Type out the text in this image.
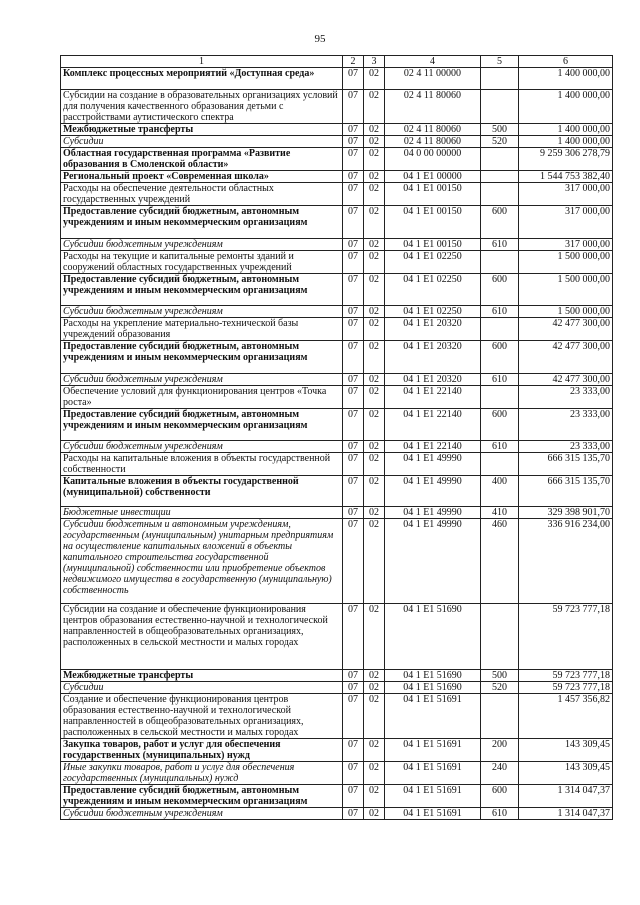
95
1	2	3	4	5	6
Комплекс процессных мероприятий «Доступная среда»	07	02	02 4 11 00000		1 400 000,00
Субсидии на создание в образовательных организациях условий для получения качественного образования детьми с расстройствами аутистического спектра	07	02	02 4 11 80060		1 400 000,00
Межбюджетные трансферты	07	02	02 4 11 80060	500	1 400 000,00
Субсидии	07	02	02 4 11 80060	520	1 400 000,00
Областная государственная программа «Развитие образования в Смоленской области»	07	02	04 0 00 00000		9 259 306 278,79
Региональный проект «Современная школа»	07	02	04 1 E1 00000		1 544 753 382,40
Расходы на обеспечение деятельности областных государственных учреждений	07	02	04 1 E1 00150		317 000,00
Предоставление субсидий бюджетным, автономным учреждениям и иным некоммерческим организациям	07	02	04 1 E1 00150	600	317 000,00
Субсидии бюджетным учреждениям	07	02	04 1 E1 00150	610	317 000,00
Расходы на текущие и капитальные ремонты зданий и сооружений областных государственных учреждений	07	02	04 1 E1 02250		1 500 000,00
Предоставление субсидий бюджетным, автономным учреждениям и иным некоммерческим организациям	07	02	04 1 E1 02250	600	1 500 000,00
Субсидии бюджетным учреждениям	07	02	04 1 E1 02250	610	1 500 000,00
Расходы на укрепление материально-технической базы учреждений образования	07	02	04 1 E1 20320		42 477 300,00
Предоставление субсидий бюджетным, автономным учреждениям и иным некоммерческим организациям	07	02	04 1 E1 20320	600	42 477 300,00
Субсидии бюджетным учреждениям	07	02	04 1 E1 20320	610	42 477 300,00
Обеспечение условий для функционирования центров «Точка роста»	07	02	04 1 E1 22140		23 333,00
Предоставление субсидий бюджетным, автономным учреждениям и иным некоммерческим организациям	07	02	04 1 E1 22140	600	23 333,00
Субсидии бюджетным учреждениям	07	02	04 1 E1 22140	610	23 333,00
Расходы на капитальные вложения в объекты государственной собственности	07	02	04 1 E1 49990		666 315 135,70
Капитальные вложения в объекты государственной (муниципальной) собственности	07	02	04 1 E1 49990	400	666 315 135,70
Бюджетные инвестиции	07	02	04 1 E1 49990	410	329 398 901,70
Субсидии бюджетным и автономным учреждениям, государственным (муниципальным) унитарным предприятиям на осуществление капитальных вложений в объекты капитального строительства государственной (муниципальной) собственности или приобретение объектов недвижимого имущества в государственную (муниципальную) собственность	07	02	04 1 E1 49990	460	336 916 234,00
Субсидии на создание и обеспечение функционирования центров образования естественно-научной и технологической направленностей в общеобразовательных организациях, расположенных в сельской местности и малых городах	07	02	04 1 E1 51690		59 723 777,18
Межбюджетные трансферты	07	02	04 1 E1 51690	500	59 723 777,18
Субсидии	07	02	04 1 E1 51690	520	59 723 777,18
Создание и обеспечение функционирования центров образования естественно-научной и технологической направленностей в общеобразовательных организациях, расположенных в сельской местности и малых городах	07	02	04 1 E1 51691		1 457 356,82
Закупка товаров, работ и услуг для обеспечения государственных (муниципальных) нужд	07	02	04 1 E1 51691	200	143 309,45
Иные закупки товаров, работ и услуг для обеспечения государственных (муниципальных) нужд	07	02	04 1 E1 51691	240	143 309,45
Предоставление субсидий бюджетным, автономным учреждениям и иным некоммерческим организациям	07	02	04 1 E1 51691	600	1 314 047,37
Субсидии бюджетным учреждениям	07	02	04 1 E1 51691	610	1 314 047,37
